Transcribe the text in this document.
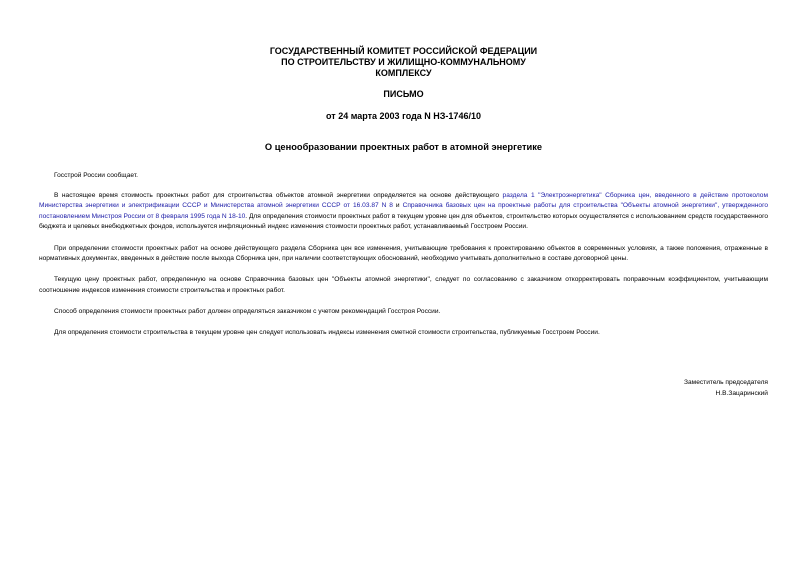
ГОСУДАРСТВЕННЫЙ КОМИТЕТ РОССИЙСКОЙ ФЕДЕРАЦИИ
ПО СТРОИТЕЛЬСТВУ И ЖИЛИЩНО-КОММУНАЛЬНОМУ
КОМПЛЕКСУ
ПИСЬМО
от 24 марта 2003 года N НЗ-1746/10
О ценообразовании проектных работ в атомной энергетике

Госстрой России сообщает.

В настоящее время стоимость проектных работ для строительства объектов атомной энергетики определяется на основе действующего раздела 1 "Электроэнергетика" Сборника цен, введенного в действие протоколом Министерства энергетики и электрификации СССР и Министерства атомной энергетики СССР от 16.03.87 N 8 и Справочника базовых цен на проектные работы для строительства "Объекты атомной энергетики", утвержденного постановлением Минстроя России от 8 февраля 1995 года N 18-10. Для определения стоимости проектных работ в текущем уровне цен для объектов, строительство которых осуществляется с использованием средств государственного бюджета и целевых внебюджетных фондов, используется инфляционный индекс изменения стоимости проектных работ, устанавливаемый Госстроем России.

При определении стоимости проектных работ на основе действующего раздела Сборника цен все изменения, учитывающие требования к проектированию объектов в современных условиях, а также положения, отраженные в нормативных документах, введенных в действие после выхода Сборника цен, при наличии соответствующих обоснований, необходимо учитывать дополнительно в составе договорной цены.

Текущую цену проектных работ, определенную на основе Справочника базовых цен "Объекты атомной энергетики", следует по согласованию с заказчиком откорректировать поправочным коэффициентом, учитывающим соотношение индексов изменения стоимости строительства и проектных работ.

Способ определения стоимости проектных работ должен определяться заказчиком с учетом рекомендаций Госстроя России.

Для определения стоимости строительства в текущем уровне цен следует использовать индексы изменения сметной стоимости строительства, публикуемые Госстроем России.

Заместитель председателя
Н.В.Зацаринский
